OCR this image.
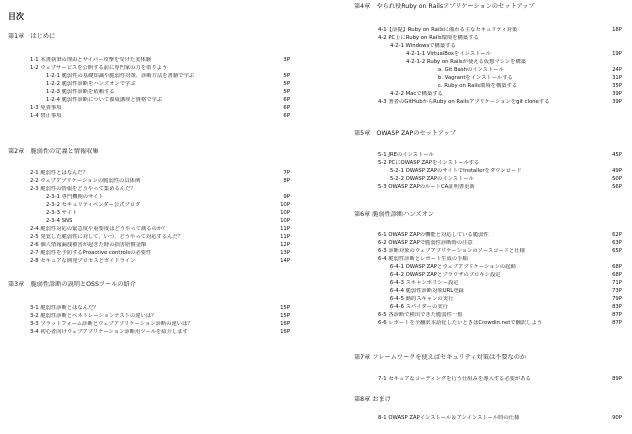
目次
第1章　はじめに
1-1 本書執筆の理由とサイバー攻撃を受けた実体験	3P
1-2 ウェブサービスを公開する前に専門家の力を借りよう
1-2-1 脆弱性の基礎知識や脆弱性対策、診断方法を書籍で学ぶ	5P
1-2-2 脆弱性診断をハンズオンで学ぶ	5P
1-2-3 脆弱性診断を依頼する	5P
1-2-4 脆弱性診断について養成講座と資格で学ぶ	6P
1-3 免責事項	6P
1-4 禁止事項	6P
第2章　脆弱性の定義と情報収集
2-1 脆弱性とはなんだ？	7P
2-2 ウェブアプリケーションの脆弱性の具体例	8P
2-3 脆弱性の情報をどうやって集めるんだ？
2-3-1 専門機関のサイト	9P
2-3-2 セキュリティベンダー公式ブログ	10P
2-3-3 サイト	10P
2-3-4 SNS	10P
2-4 脆弱性対応の緊急度や重要度はどうやって測るのか？	11P
2-5 発覚した脆弱性に対して、いつ、どうやって対応するんだ？	11P
2-6 個人情報漏洩被害が起きた時の損害賠償金額	12P
2-7 脆弱性を予防するProactive controlsの必要性	13P
2-8 セキュアな開発プロセスとガイドライン	14P
第3章　脆弱性診断の説明とOSSツールの紹介
3-1 脆弱性診断とはなんだ？	15P
3-2 脆弱性診断とペネトレーションテストの違いは？	15P
3-3 プラットフォーム診断とウェブアプリケーション診断の違いは？	16P
3-4 初心者向けウェブアプリケーション診断用ツールを紹介します	16P
第4章　やられ役Ruby on Railsアプリケーションのセットアップ
4-1【前提】Ruby on Railsに備わる主なセキュリティ対策	18P
4-2 PC上にRuby on Rails環境を構築する
4-2-1 Windowsで構築する
4-2-1-1 VirtualBoxをインストール	19P
4-2-1-2 Ruby on Railsが使える仮想マシンを構築
a. Git Bashのインストール	24P
b. Vagrantをインストールする	31P
c. Ruby on Rails環境を構築する	35P
4-2-2 Macで構築する	39P
4-3 著者のGitHubからRuby on Railsアプリケーションをgit cloneする	39P
第5章　OWASP ZAPのセットアップ
5-1 JREのインストール	45P
5-2 PCにOWASP ZAPをインストールする
5-2-1 OWASP ZAPのサイトでInstallerをダウンロード	49P
5-2-2 OWASP ZAPのインストール	50P
5-3 OWASP ZAPのルートCA証明書更新	56P
第6章 脆弱性診断ハンズオン
6-1 OWASP ZAPの機能と対応している脆弱性	62P
6-2 OWASP ZAPで脆弱性診断時の注意	63P
6-3 診断対象のウェブアプリケーションのソースコードと仕様	65P
6-4 脆弱性診断とレポート生成の手順
6-4-1 OWASP ZAPとウェブアプリケーションの起動	68P
6-4-2 OWASP ZAPとブラウザのプロキシ設定	68P
6-4-3 スキャンポリシー設定	71P
6-4-4 脆弱性診断対象URL登録	73P
6-4-5 動的スキャンの実行	79P
6-4-6 スパイダーの実行	83P
6-5 各診断で検出できた脆弱性一覧	87P
6-6 レポートを全翻訳本語化したいときはCrowdin.netで翻訳しよう	87P
第7章 フレームワークを使えばセキュリティ対策は不要なのか
7-1 セキュアなコーディングを行う仕組みを導入する必要がある	89P
第8章 おまけ
8-1 OWASP ZAPインストール＆アンインストール時の仕様	90P
